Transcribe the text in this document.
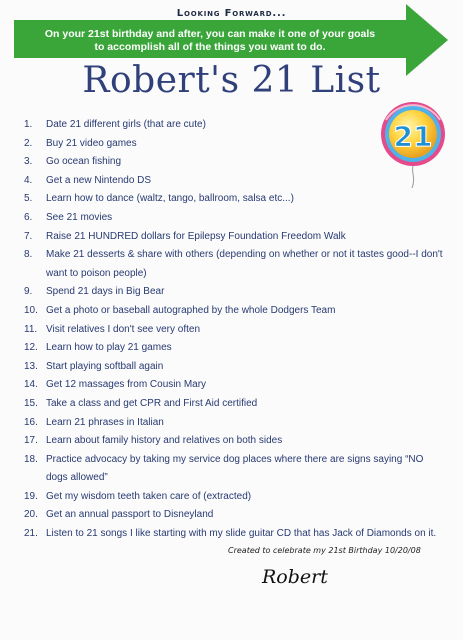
Looking Forward...
On your 21st birthday and after, you can make it one of your goals
to accomplish all of the things you want to do.
Robert's 21 List
21
1.	Date 21 different girls (that are cute)
2.	Buy 21 video games
3.	Go ocean fishing
4.	Get a new Nintendo DS
5.	Learn how to dance (waltz, tango, ballroom, salsa etc...)
6.	See 21 movies
7.	Raise 21 HUNDRED dollars for Epilepsy Foundation Freedom Walk
8.	Make 21 desserts & share with others (depending on whether or not it tastes good--I don't want to poison people)
9.	Spend 21 days in Big Bear
10. Get a photo or baseball autographed by the whole Dodgers Team
11. Visit relatives I don't see very often
12. Learn how to play 21 games
13. Start playing softball again
14. Get 12 massages from Cousin Mary
15. Take a class and get CPR and First Aid certified
16. Learn 21 phrases in Italian
17. Learn about family history and relatives on both sides
18. Practice advocacy by taking my service dog places where there are signs saying “NO dogs allowed”
19. Get my wisdom teeth taken care of (extracted)
20. Get an annual passport to Disneyland
21. Listen to 21 songs I like starting with my slide guitar CD that has Jack of Diamonds on it.
Created to celebrate my 21st Birthday 10/20/08
Robert
